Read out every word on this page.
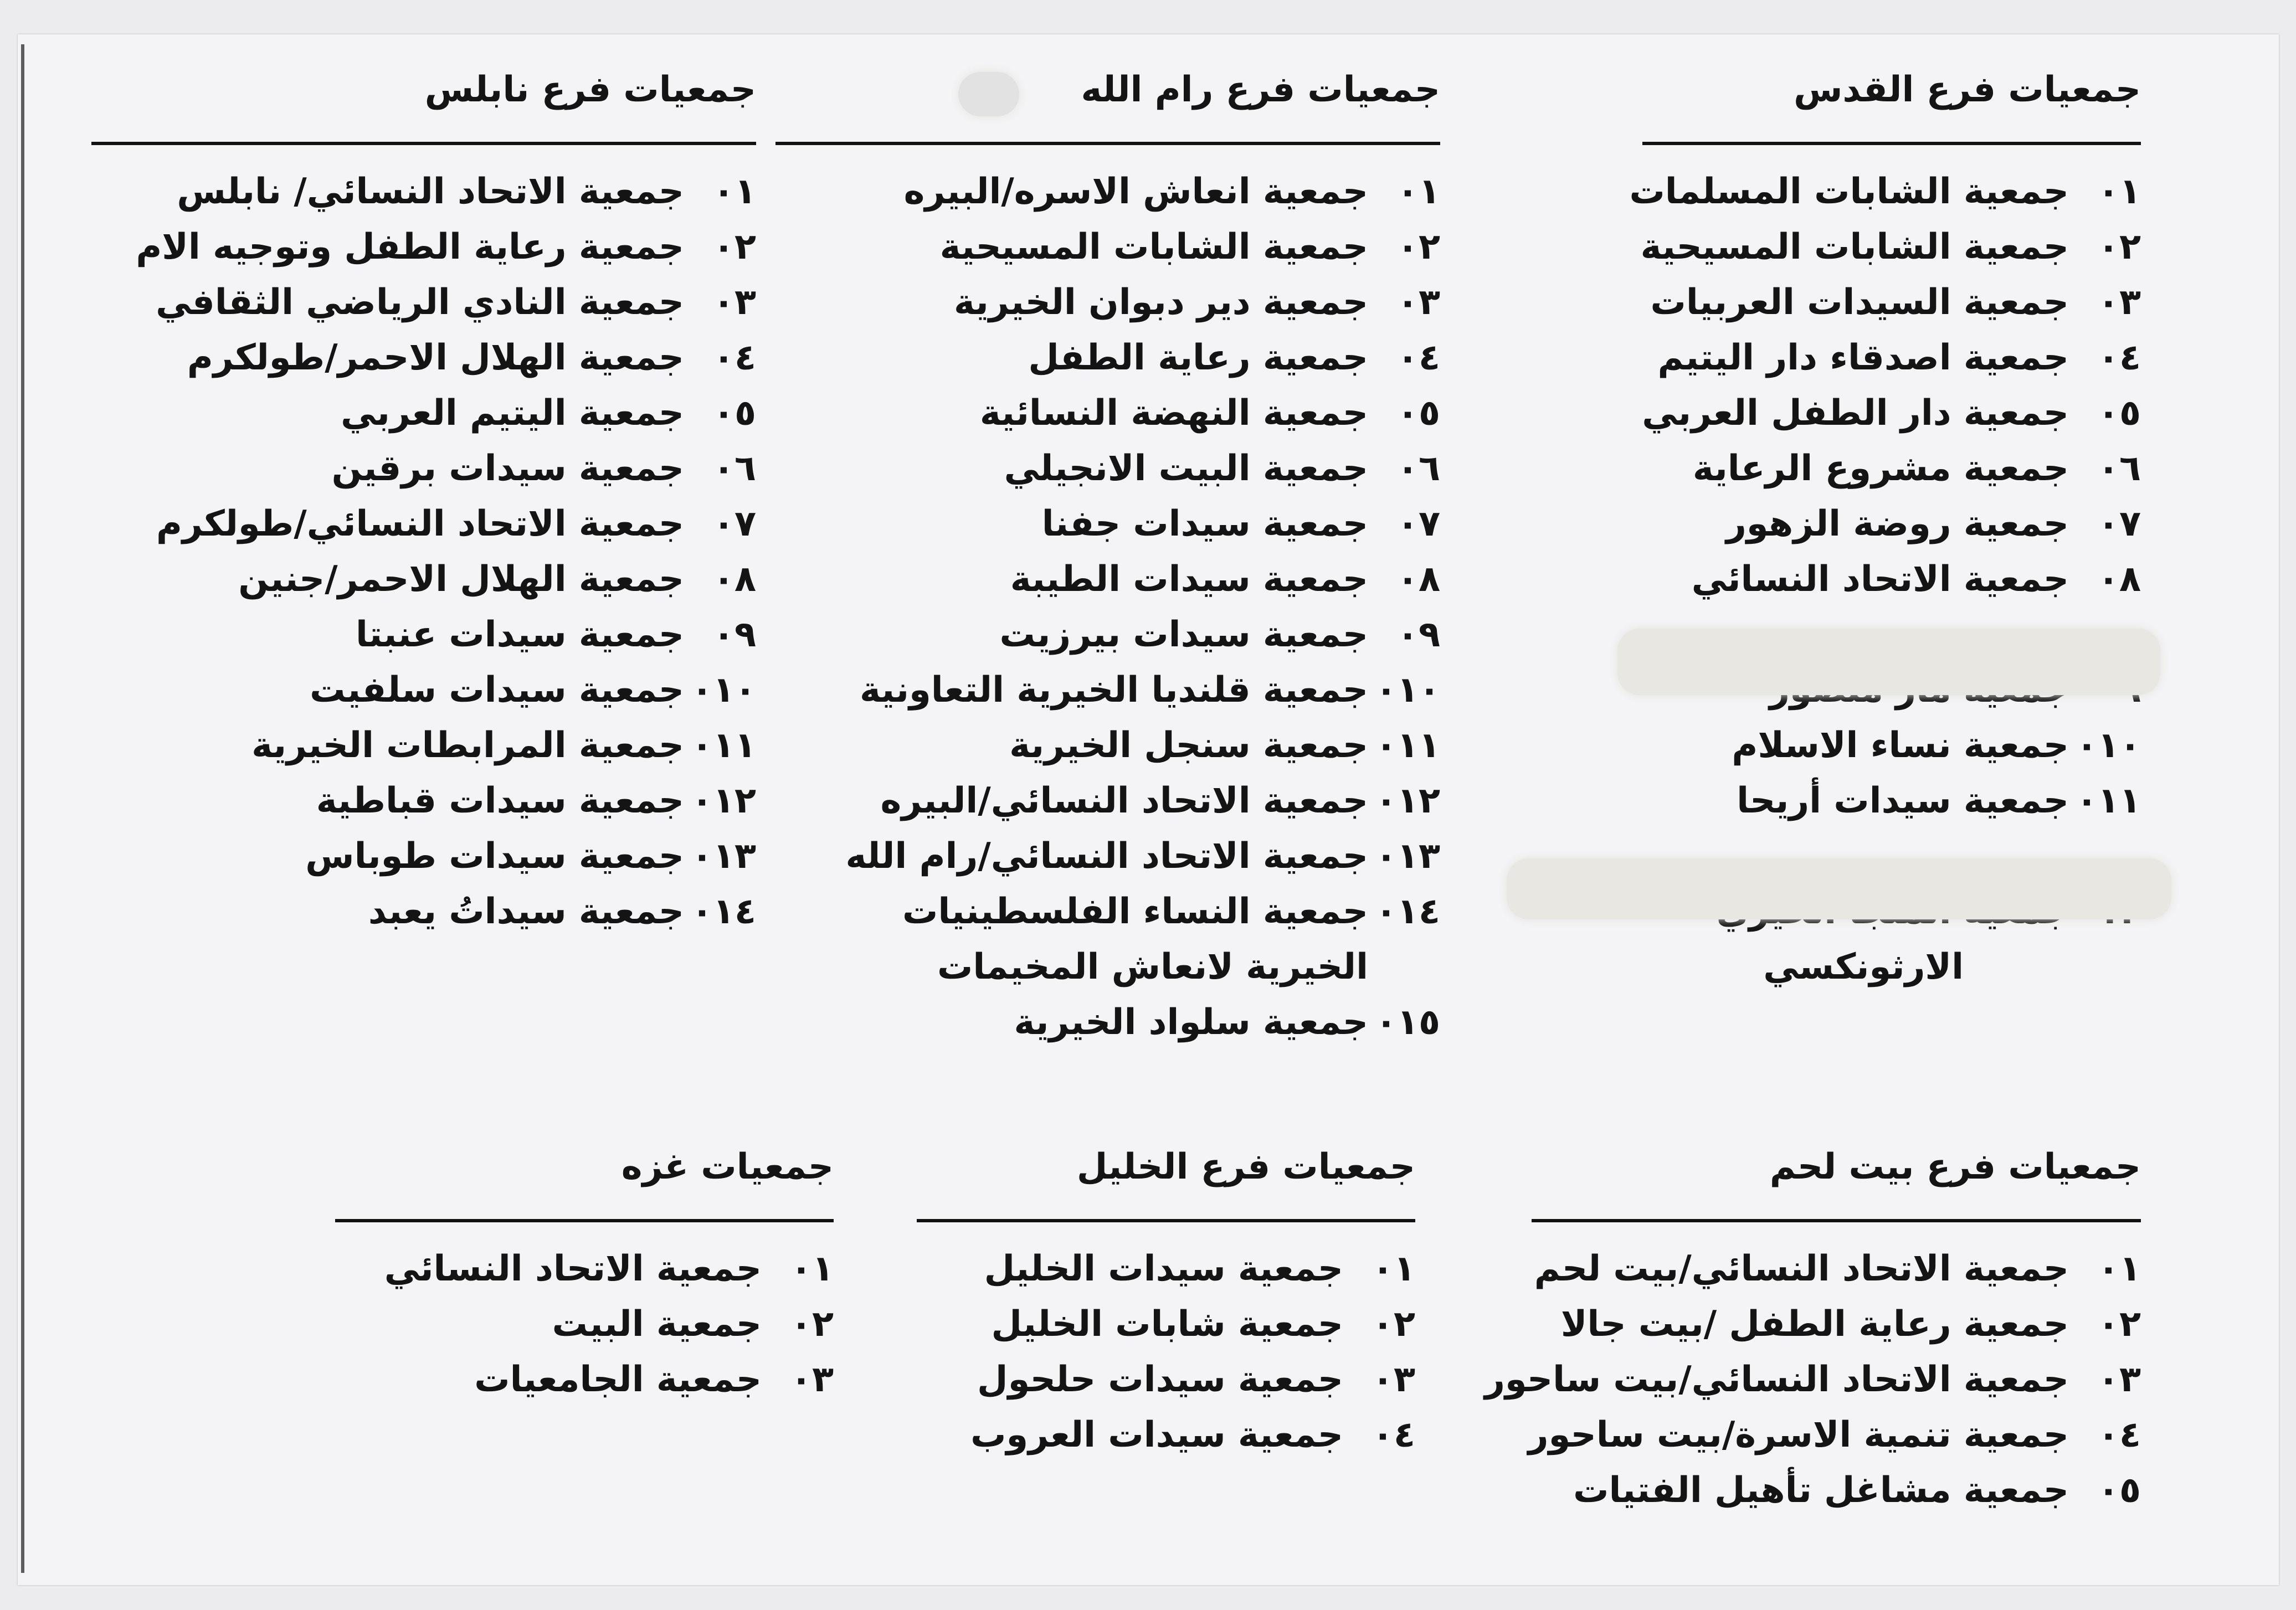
جمعيات فرع القدس
٠١جمعية الشابات المسلمات
٠٢جمعية الشابات المسيحية
٠٣جمعية السيدات العربيات
٠٤جمعية اصدقاء دار اليتيم
٠٥جمعية دار الطفل العربي
٠٦جمعية مشروع الرعاية
٠٧جمعية روضة الزهور
٠٨جمعية الاتحاد النسائي
٠١٠جمعية نساء الاسلام
٠١١جمعية سيدات أريحا
الارثونكسي
جمعيات فرع رام الله
٠١جمعية انعاش الاسره/البيره
٠٢جمعية الشابات المسيحية
٠٣جمعية دير دبوان الخيرية
٠٤جمعية رعاية الطفل
٠٥جمعية النهضة النسائية
٠٦جمعية البيت الانجيلي
٠٧جمعية سيدات جفنا
٠٨جمعية سيدات الطيبة
٠٩جمعية سيدات بيرزيت
٠١٠جمعية قلنديا الخيرية التعاونية
٠١١جمعية سنجل الخيرية
٠١٢جمعية الاتحاد النسائي/البيره
٠١٣جمعية الاتحاد النسائي/رام الله
٠١٤جمعية النساء الفلسطينيات
الخيرية لانعاش المخيمات
٠١٥جمعية سلواد الخيرية
جمعيات فرع نابلس
٠١جمعية الاتحاد النسائي/ نابلس
٠٢جمعية رعاية الطفل وتوجيه الام
٠٣جمعية النادي الرياضي الثقافي
٠٤جمعية الهلال الاحمر/طولكرم
٠٥جمعية اليتيم العربي
٠٦جمعية سيدات برقين
٠٧جمعية الاتحاد النسائي/طولكرم
٠٨جمعية الهلال الاحمر/جنين
٠٩جمعية سيدات عنبتا
٠١٠جمعية سيدات سلفيت
٠١١جمعية المرابطات الخيرية
٠١٢جمعية سيدات قباطية
٠١٣جمعية سيدات طوباس
٠١٤جمعية سيداتُ يعبد
جمعيات فرع بيت لحم
٠١جمعية الاتحاد النسائي/بيت لحم
٠٢جمعية رعاية الطفل /بيت جالا
٠٣جمعية الاتحاد النسائي/بيت ساحور
٠٤جمعية تنمية الاسرة/بيت ساحور
٠٥جمعية مشاغل تأهيل الفتيات
جمعيات فرع الخليل
٠١جمعية سيدات الخليل
٠٢جمعية شابات الخليل
٠٣جمعية سيدات حلحول
٠٤جمعية سيدات العروب
جمعيات غزه
٠١جمعية الاتحاد النسائي
٠٢جمعية البيت
٠٣جمعية الجامعيات
